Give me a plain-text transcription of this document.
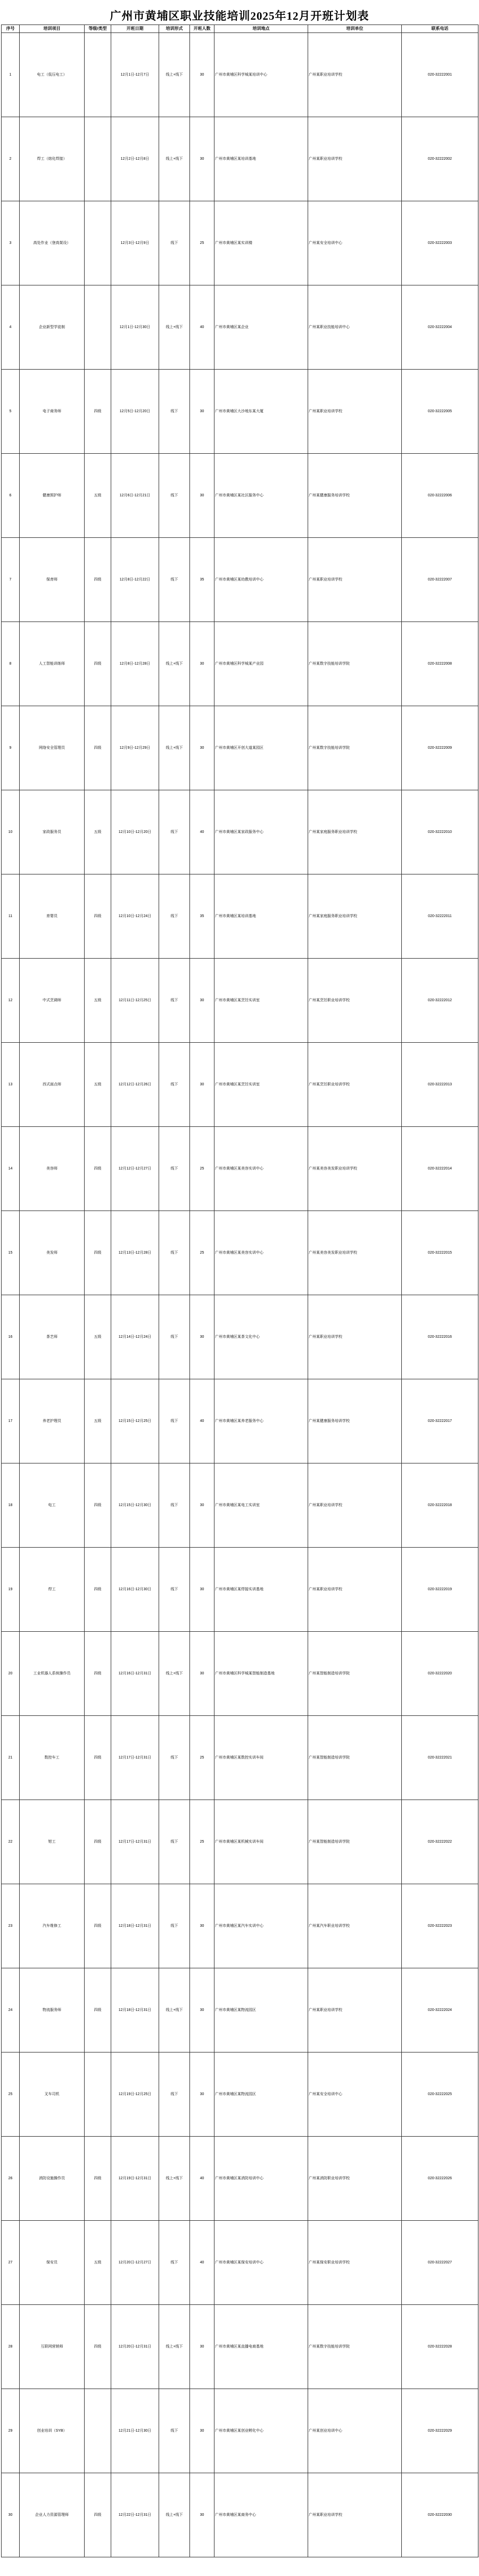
广州市黄埔区职业技能培训2025年12月开班计划表
序号	培训项目	等级/类型	开班日期	培训形式	开班人数	培训地点	培训单位	联系电话
1	电工（低压电工）		12月1日-12月7日	线上+线下	30	广州市黄埔区科学城某培训中心	广州某职业培训学校	020-32222001
2	焊工（熔化焊接）		12月2日-12月8日	线上+线下	30	广州市黄埔区某培训基地	广州某职业培训学校	020-32222002
3	高处作业（登高架设）		12月3日-12月9日	线下	25	广州市黄埔区某实训楼	广州某安全培训中心	020-32222003
4	企业新型学徒制		12月1日-12月30日	线上+线下	40	广州市黄埔区某企业	广州某职业技能培训中心	020-32222004
5	电子商务师	四级	12月5日-12月20日	线下	30	广州市黄埔区大沙地东某大厦	广州某职业培训学校	020-32222005
6	健康照护师	五级	12月6日-12月21日	线下	30	广州市黄埔区某社区服务中心	广州某健康服务培训学校	020-32222006
7	保育师	四级	12月8日-12月22日	线下	35	广州市黄埔区某幼教培训中心	广州某职业培训学校	020-32222007
8	人工智能训练师	四级	12月8日-12月28日	线上+线下	30	广州市黄埔区科学城某产业园	广州某数字技能培训学院	020-32222008
9	网络安全管理员	四级	12月9日-12月29日	线上+线下	30	广州市黄埔区开创大道某园区	广州某数字技能培训学院	020-32222009
10	家政服务员	五级	12月10日-12月20日	线下	40	广州市黄埔区某家政服务中心	广州某家庭服务职业培训学校	020-32222010
11	育婴员	四级	12月10日-12月24日	线下	35	广州市黄埔区某培训基地	广州某家庭服务职业培训学校	020-32222011
12	中式烹调师	五级	12月11日-12月25日	线下	30	广州市黄埔区某烹饪实训室	广州某烹饪职业培训学校	020-32222012
13	西式面点师	五级	12月12日-12月26日	线下	30	广州市黄埔区某烹饪实训室	广州某烹饪职业培训学校	020-32222013
14	美容师	四级	12月12日-12月27日	线下	25	广州市黄埔区某美容实训中心	广州某美容美发职业培训学校	020-32222014
15	美发师	四级	12月13日-12月28日	线下	25	广州市黄埔区某美容实训中心	广州某美容美发职业培训学校	020-32222015
16	茶艺师	五级	12月14日-12月24日	线下	30	广州市黄埔区某茶文化中心	广州某职业培训学校	020-32222016
17	养老护理员	五级	12月15日-12月25日	线下	40	广州市黄埔区某养老服务中心	广州某健康服务培训学校	020-32222017
18	电工	四级	12月15日-12月30日	线下	30	广州市黄埔区某电工实训室	广州某职业培训学校	020-32222018
19	焊工	四级	12月16日-12月30日	线下	30	广州市黄埔区某焊接实训基地	广州某职业培训学校	020-32222019
20	工业机器人系统操作员	四级	12月16日-12月31日	线上+线下	30	广州市黄埔区科学城某智能制造基地	广州某智能制造培训学院	020-32222020
21	数控车工	四级	12月17日-12月31日	线下	25	广州市黄埔区某数控实训车间	广州某智能制造培训学院	020-32222021
22	钳工	四级	12月17日-12月31日	线下	25	广州市黄埔区某机械实训车间	广州某智能制造培训学院	020-32222022
23	汽车维修工	四级	12月18日-12月31日	线下	30	广州市黄埔区某汽车实训中心	广州某汽车职业培训学校	020-32222023
24	物流服务师	四级	12月18日-12月31日	线上+线下	30	广州市黄埔区某物流园区	广州某职业培训学校	020-32222024
25	叉车司机		12月19日-12月25日	线下	30	广州市黄埔区某物流园区	广州某安全培训中心	020-32222025
26	消防设施操作员	四级	12月19日-12月31日	线上+线下	40	广州市黄埔区某消防培训中心	广州某消防职业培训学校	020-32222026
27	保安员	五级	12月20日-12月27日	线下	40	广州市黄埔区某保安培训中心	广州某保安职业培训学校	020-32222027
28	互联网营销师	四级	12月20日-12月31日	线上+线下	30	广州市黄埔区某直播电商基地	广州某数字技能培训学院	020-32222028
29	创业培训（SYB）		12月21日-12月30日	线下	30	广州市黄埔区某创业孵化中心	广州某创业培训中心	020-32222029
30	企业人力资源管理师	四级	12月22日-12月31日	线上+线下	30	广州市黄埔区某商务中心	广州某职业培训学校	020-32222030
